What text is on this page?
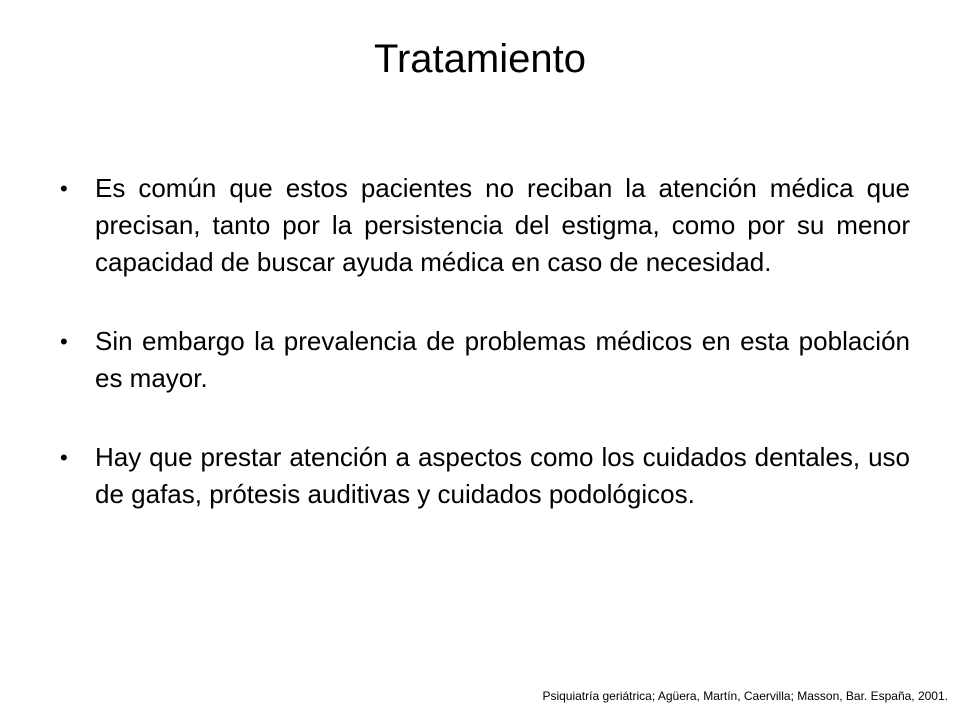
Tratamiento
•	Es común que estos pacientes no reciban la atención médica que precisan, tanto por la persistencia del estigma, como por su menor capacidad de buscar ayuda médica en caso de necesidad.
•	Sin embargo la prevalencia de problemas médicos en esta población es mayor.
•	Hay que prestar atención a aspectos como los cuidados dentales, uso de gafas, prótesis auditivas y cuidados podológicos.
Psiquiatría geriátrica; Agüera, Martín, Caervilla; Masson, Bar. España, 2001.
